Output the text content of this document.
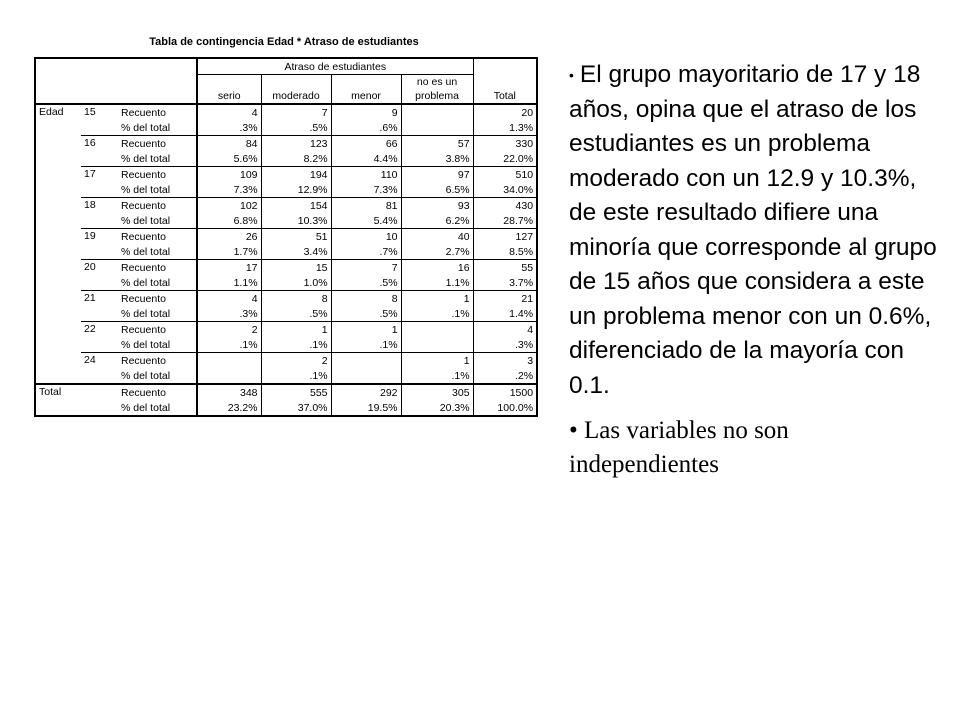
Tabla de contingencia Edad * Atraso de estudiantes
			Atraso de estudiantes				Total
			serio	moderado	menor	no es un
problema	

Edad	15	Recuento	4	7	9		20
		% del total	.3%	.5%	.6%		1.3%
	16	Recuento	84	123	66	57	330
		% del total	5.6%	8.2%	4.4%	3.8%	22.0%
	17	Recuento	109	194	110	97	510
		% del total	7.3%	12.9%	7.3%	6.5%	34.0%
	18	Recuento	102	154	81	93	430
		% del total	6.8%	10.3%	5.4%	6.2%	28.7%
	19	Recuento	26	51	10	40	127
		% del total	1.7%	3.4%	.7%	2.7%	8.5%
	20	Recuento	17	15	7	16	55
		% del total	1.1%	1.0%	.5%	1.1%	3.7%
	21	Recuento	4	8	8	1	21
		% del total	.3%	.5%	.5%	.1%	1.4%
	22	Recuento	2	1	1		4
		% del total	.1%	.1%	.1%		.3%
	24	Recuento		2		1	3
		% del total		.1%		.1%	.2%
Total		Recuento	348	555	292	305	1500
		% del total	23.2%	37.0%	19.5%	20.3%	100.0%

• El grupo mayoritario de 17 y 18 años, opina que el atraso de los estudiantes es un problema moderado con un 12.9 y 10.3%, de este resultado difiere una minoría que corresponde al grupo de 15 años que considera a este un problema menor con un 0.6%, diferenciado de la mayoría con 0.1.

• Las variables no son independientes
